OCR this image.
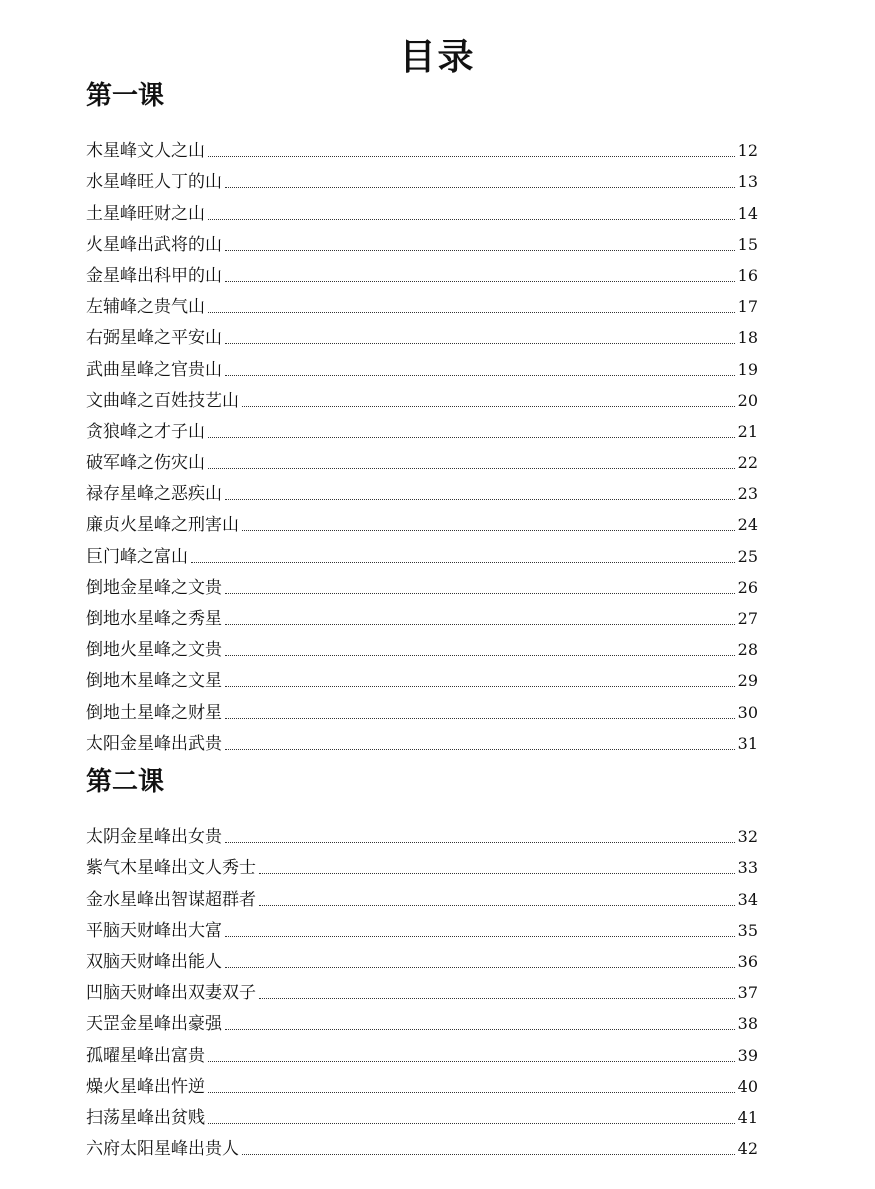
目录
第一课
木星峰文人之山	12
水星峰旺人丁的山	13
土星峰旺财之山	14
火星峰出武将的山	15
金星峰出科甲的山	16
左辅峰之贵气山	17
右弼星峰之平安山	18
武曲星峰之官贵山	19
文曲峰之百姓技艺山	20
贪狼峰之才子山	21
破军峰之伤灾山	22
禄存星峰之恶疾山	23
廉贞火星峰之刑害山	24
巨门峰之富山	25
倒地金星峰之文贵	26
倒地水星峰之秀星	27
倒地火星峰之文贵	28
倒地木星峰之文星	29
倒地土星峰之财星	30
太阳金星峰出武贵	31
第二课
太阴金星峰出女贵	32
紫气木星峰出文人秀士	33
金水星峰出智谋超群者	34
平脑天财峰出大富	35
双脑天财峰出能人	36
凹脑天财峰出双妻双子	37
天罡金星峰出豪强	38
孤曜星峰出富贵	39
燥火星峰出忤逆	40
扫荡星峰出贫贱	41
六府太阳星峰出贵人	42
